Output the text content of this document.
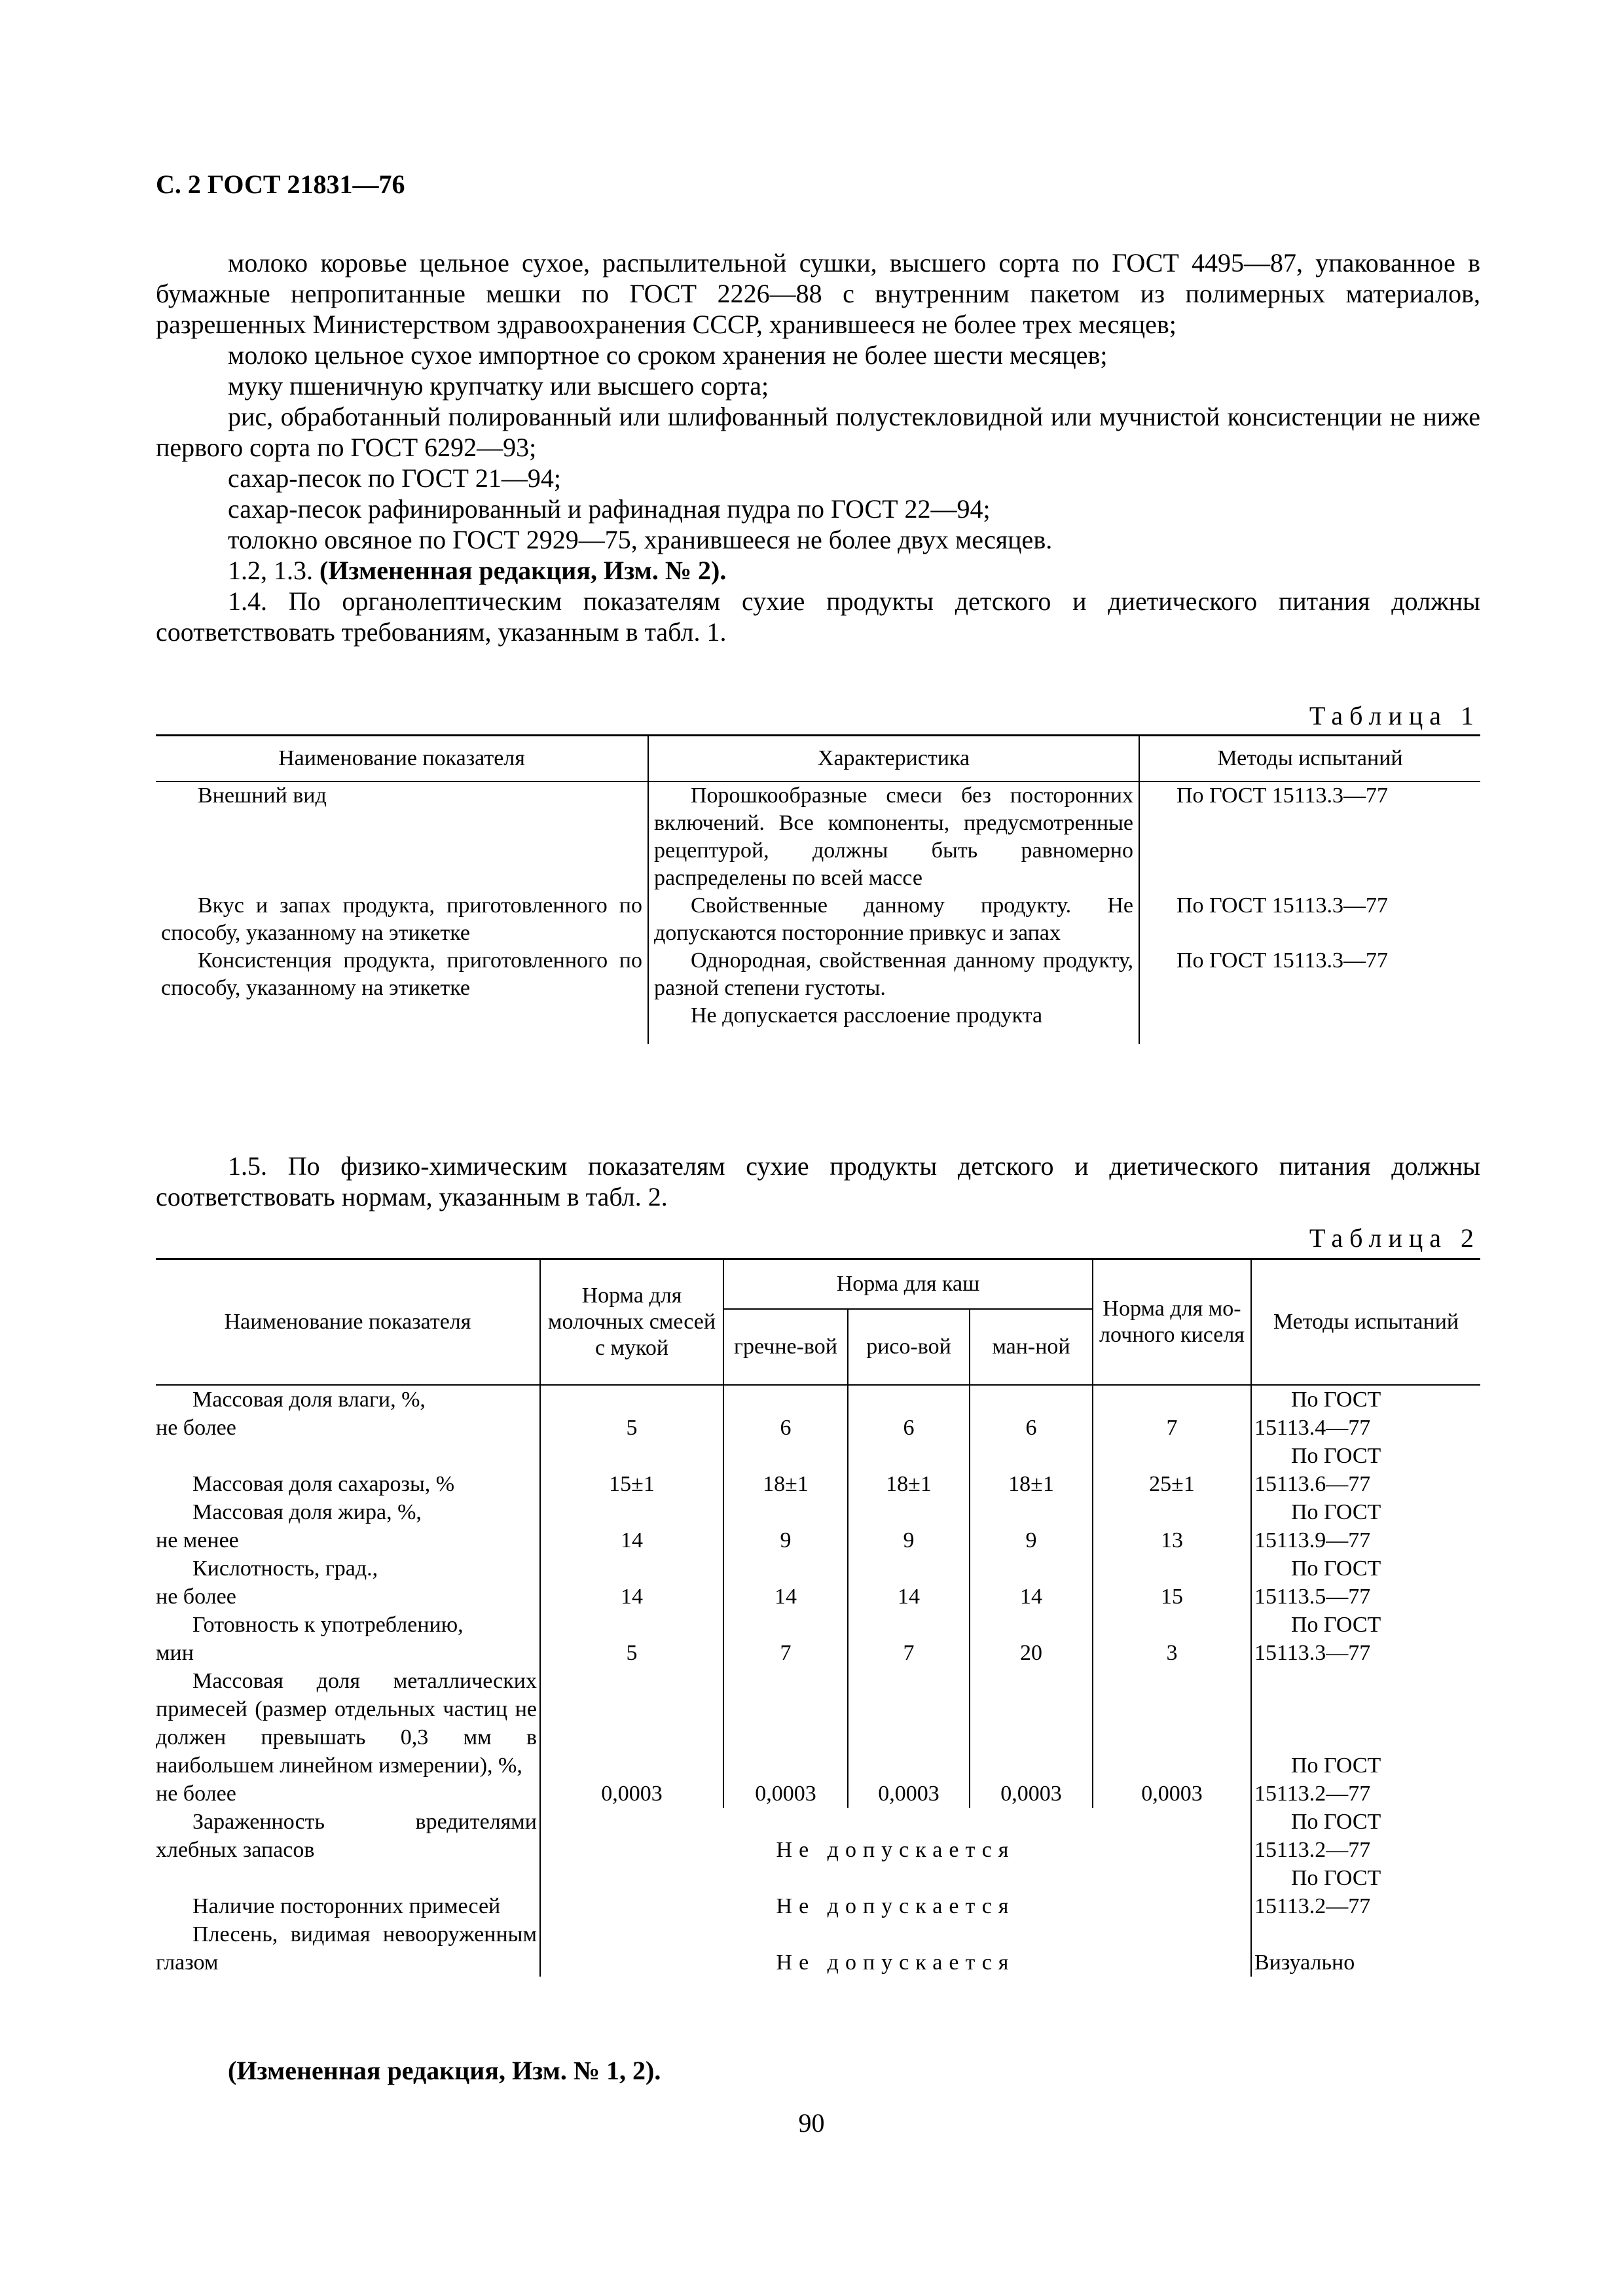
С. 2 ГОСТ 21831—76

молоко коровье цельное сухое, распылительной сушки, высшего сорта по ГОСТ 4495—87, упакованное в бумажные непропитанные мешки по ГОСТ 2226—88 с внутренним пакетом из полимерных материалов, разрешенных Министерством здравоохранения СССР, хранившееся не более трех месяцев;

молоко цельное сухое импортное со сроком хранения не более шести месяцев;

муку пшеничную крупчатку или высшего сорта;

рис, обработанный полированный или шлифованный полустекловидной или мучнистой консистенции не ниже первого сорта по ГОСТ 6292—93;

сахар-песок по ГОСТ 21—94;

сахар-песок рафинированный и рафинадная пудра по ГОСТ 22—94;

толокно овсяное по ГОСТ 2929—75, хранившееся не более двух месяцев.

1.2, 1.3. (Измененная редакция, Изм. № 2).

1.4. По органолептическим показателям сухие продукты детского и диетического питания должны соответствовать требованиям, указанным в табл. 1.

Таблица 1
Наименование показателя	Характеристика	Методы испытаний

Внешний вид	Порошкообразные смеси без посторонних включений. Все компоненты, предусмотренные рецептурой, должны быть равномерно распределены по всей массе	По ГОСТ 15113.3—77

Вкус и запах продукта, приготовленного по способу, указанному на этикетке	Свойственные данному продукту. Не допускаются посторонние привкус и запах	По ГОСТ 15113.3—77

Консистенция продукта, приготовленного по способу, указанному на этикетке	Однородная, свойственная данному продукту, разной степени густоты.
Не допускается расслоение продукта	По ГОСТ 15113.3—77

1.5. По физико-химическим показателям сухие продукты детского и диетического питания должны соответствовать нормам, указанным в табл. 2.

Таблица 2
Наименование показателя	Норма для молочных смесей с мукой	Норма для каш			Норма для мо-лочного киселя	Методы испытаний
		гречне-вой	рисо-вой	ман-ной		

Массовая доля влаги, %,
не более	5	6	6	6	7	По ГОСТ
15113.4—77

Массовая доля сахарозы, %	15±1	18±1	18±1	18±1	25±1	По ГОСТ
15113.6—77

Массовая доля жира, %,
не менее	14	9	9	9	13	По ГОСТ
15113.9—77

Кислотность, град.,
не более	14	14	14	14	15	По ГОСТ
15113.5—77

Готовность к употреблению,
мин	5	7	7	20	3	По ГОСТ
15113.3—77

Массовая доля металлических примесей (размер отдельных частиц не должен превышать 0,3 мм в наибольшем линейном измерении), %,
не более	0,0003	0,0003	0,0003	0,0003	0,0003	По ГОСТ
15113.2—77

Зараженность вредителями хлебных запасов	Не допускается					По ГОСТ
15113.2—77

Наличие посторонних примесей	Не допускается					По ГОСТ
15113.2—77

Плесень, видимая невооруженным глазом	Не допускается					Визуально
(Измененная редакция, Изм. № 1, 2).
90
